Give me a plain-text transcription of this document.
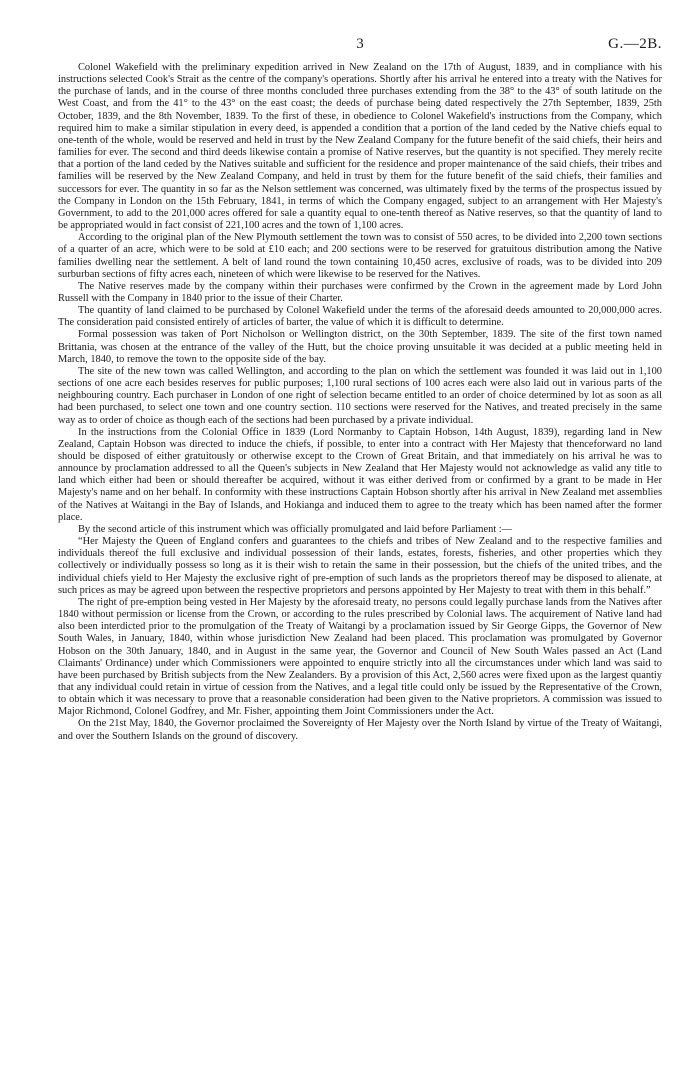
3	G.—2B.

Colonel Wakefield with the preliminary expedition arrived in New Zealand on the 17th of August, 1839, and in compliance with his instructions selected Cook's Strait as the centre of the company's operations. Shortly after his arrival he entered into a treaty with the Natives for the purchase of lands, and in the course of three months concluded three purchases extending from the 38° to the 43° of south latitude on the West Coast, and from the 41° to the 43° on the east coast; the deeds of purchase being dated respectively the 27th September, 1839, 25th October, 1839, and the 8th November, 1839. To the first of these, in obedience to Colonel Wakefield's instructions from the Company, which required him to make a similar stipulation in every deed, is appended a condition that a portion of the land ceded by the Native chiefs equal to one-tenth of the whole, would be reserved and held in trust by the New Zealand Company for the future benefit of the said chiefs, their heirs and families for ever. The second and third deeds likewise contain a promise of Native reserves, but the quantity is not specified. They merely recite that a portion of the land ceded by the Natives suitable and sufficient for the residence and proper maintenance of the said chiefs, their tribes and families will be reserved by the New Zealand Company, and held in trust by them for the future benefit of the said chiefs, their families and successors for ever. The quantity in so far as the Nelson settlement was concerned, was ultimately fixed by the terms of the prospectus issued by the Company in London on the 15th February, 1841, in terms of which the Company engaged, subject to an arrangement with Her Majesty's Government, to add to the 201,000 acres offered for sale a quantity equal to one-tenth thereof as Native reserves, so that the quantity of land to be appropriated would in fact consist of 221,100 acres and the town of 1,100 acres.

According to the original plan of the New Plymouth settlement the town was to consist of 550 acres, to be divided into 2,200 town sections of a quarter of an acre, which were to be sold at £10 each; and 200 sections were to be reserved for gratuitous distribution among the Native families dwelling near the settlement. A belt of land round the town containing 10,450 acres, exclusive of roads, was to be divided into 209 surburban sections of fifty acres each, nineteen of which were likewise to be reserved for the Natives.

The Native reserves made by the company within their purchases were confirmed by the Crown in the agreement made by Lord John Russell with the Company in 1840 prior to the issue of their Charter.

The quantity of land claimed to be purchased by Colonel Wakefield under the terms of the aforesaid deeds amounted to 20,000,000 acres. The consideration paid consisted entirely of articles of barter, the value of which it is difficult to determine.

Formal possession was taken of Port Nicholson or Wellington district, on the 30th September, 1839. The site of the first town named Brittania, was chosen at the entrance of the valley of the Hutt, but the choice proving unsuitable it was decided at a public meeting held in March, 1840, to remove the town to the opposite side of the bay.

The site of the new town was called Wellington, and according to the plan on which the settlement was founded it was laid out in 1,100 sections of one acre each besides reserves for public purposes; 1,100 rural sections of 100 acres each were also laid out in various parts of the neighbouring country. Each purchaser in London of one right of selection became entitled to an order of choice determined by lot as soon as all had been purchased, to select one town and one country section. 110 sections were reserved for the Natives, and treated precisely in the same way as to order of choice as though each of the sections had been purchased by a private individual.

In the instructions from the Colonial Office in 1839 (Lord Normanby to Captain Hobson, 14th August, 1839), regarding land in New Zealand, Captain Hobson was directed to induce the chiefs, if possible, to enter into a contract with Her Majesty that thenceforward no land should be disposed of either gratuitously or otherwise except to the Crown of Great Britain, and that immediately on his arrival he was to announce by proclamation addressed to all the Queen's subjects in New Zealand that Her Majesty would not acknowledge as valid any title to land which either had been or should thereafter be acquired, without it was either derived from or confirmed by a grant to be made in Her Majesty's name and on her behalf. In conformity with these instructions Captain Hobson shortly after his arrival in New Zealand met assemblies of the Natives at Waitangi in the Bay of Islands, and Hokianga and induced them to agree to the treaty which has been named after the former place.

By the second article of this instrument which was officially promulgated and laid before Parliament :—

“Her Majesty the Queen of England confers and guarantees to the chiefs and tribes of New Zealand and to the respective families and individuals thereof the full exclusive and individual possession of their lands, estates, forests, fisheries, and other properties which they collectively or individually possess so long as it is their wish to retain the same in their possession, but the chiefs of the united tribes, and the individual chiefs yield to Her Majesty the exclusive right of pre-emption of such lands as the proprietors thereof may be disposed to alienate, at such prices as may be agreed upon between the respective proprietors and persons appointed by Her Majesty to treat with them in this behalf.”

The right of pre-emption being vested in Her Majesty by the aforesaid treaty, no persons could legally purchase lands from the Natives after 1840 without permission or license from the Crown, or according to the rules prescribed by Colonial laws. The acquirement of Native land had also been interdicted prior to the promulgation of the Treaty of Waitangi by a proclamation issued by Sir George Gipps, the Governor of New South Wales, in January, 1840, within whose jurisdiction New Zealand had been placed. This proclamation was promulgated by Governor Hobson on the 30th January, 1840, and in August in the same year, the Governor and Council of New South Wales passed an Act (Land Claimants' Ordinance) under which Commissioners were appointed to enquire strictly into all the circumstances under which land was said to have been purchased by British subjects from the New Zealanders. By a provision of this Act, 2,560 acres were fixed upon as the largest quantiy that any individual could retain in virtue of cession from the Natives, and a legal title could only be issued by the Representative of the Crown, to obtain which it was necessary to prove that a reasonable consideration had been given to the Native proprietors. A commission was issued to Major Richmond, Colonel Godfrey, and Mr. Fisher, appointing them Joint Commissioners under the Act.

On the 21st May, 1840, the Governor proclaimed the Sovereignty of Her Majesty over the North Island by virtue of the Treaty of Waitangi, and over the Southern Islands on the ground of discovery.
